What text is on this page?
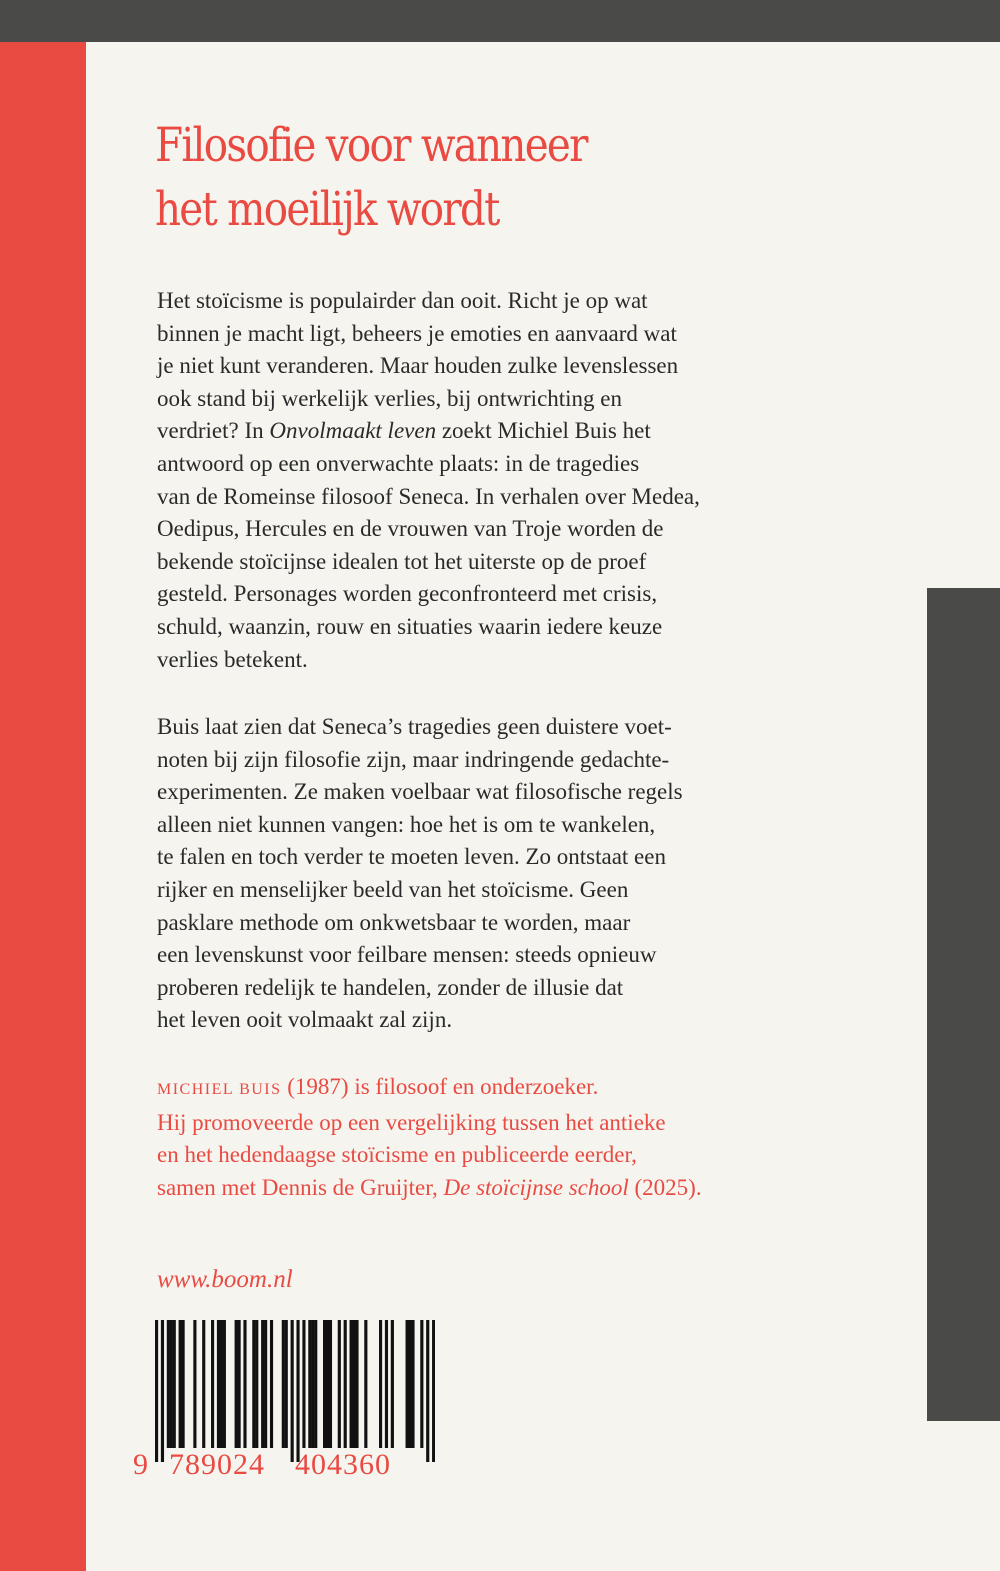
Filosofie voor wanneer
het moeilijk wordt

Het stoïcisme is populairder dan ooit. Richt je op wat
binnen je macht ligt, beheers je emoties en aanvaard wat
je niet kunt veranderen. Maar houden zulke levenslessen
ook stand bij werkelijk verlies, bij ontwrichting en
verdriet? In Onvolmaakt leven zoekt Michiel Buis het
antwoord op een onverwachte plaats: in de tragedies
van de Romeinse filosoof Seneca. In verhalen over Medea,
Oedipus, Hercules en de vrouwen van Troje worden de
bekende stoïcijnse idealen tot het uiterste op de proef
gesteld. Personages worden geconfronteerd met crisis,
schuld, waanzin, rouw en situaties waarin iedere keuze
verlies betekent.

Buis laat zien dat Seneca’s tragedies geen duistere voet-
noten bij zijn filosofie zijn, maar indringende gedachte-
experimenten. Ze maken voelbaar wat filosofische regels
alleen niet kunnen vangen: hoe het is om te wankelen,
te falen en toch verder te moeten leven. Zo ontstaat een
rijker en menselijker beeld van het stoïcisme. Geen
pasklare methode om onkwetsbaar te worden, maar
een levenskunst voor feilbare mensen: steeds opnieuw
proberen redelijk te handelen, zonder de illusie dat
het leven ooit volmaakt zal zijn.

MICHIEL BUIS (1987) is filosoof en onderzoeker.
Hij promoveerde op een vergelijking tussen het antieke
en het hedendaagse stoïcisme en publiceerde eerder,
samen met Dennis de Gruijter, De stoïcijnse school (2025).

www.boom.nl

9 789024 404360
